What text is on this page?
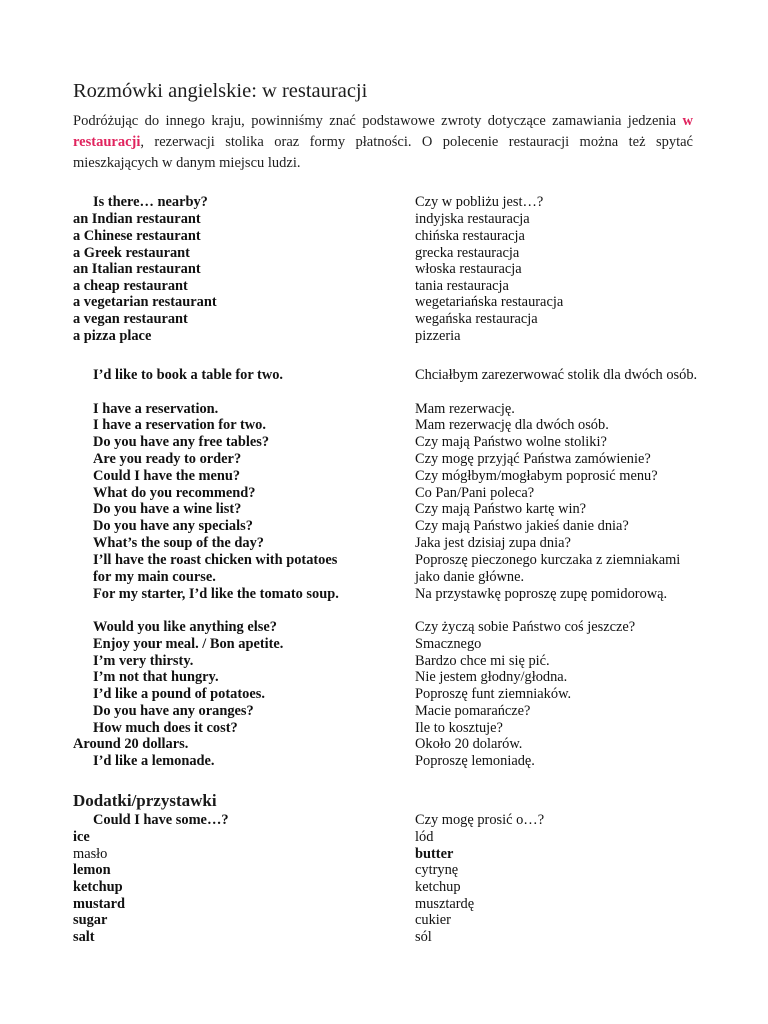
Rozmówki angielskie: w restauracji
Podróżując do innego kraju, powinniśmy znać podstawowe zwroty dotyczące zamawiania jedzenia w restauracji, rezerwacji stolika oraz formy płatności. O polecenie restauracji można też spytać mieszkających w danym miejscu ludzi.
Is there… nearby?	Czy w pobliżu jest…?
an Indian restaurant	indyjska restauracja
a Chinese restaurant	chińska restauracja
a Greek restaurant	grecka restauracja
an Italian restaurant	włoska restauracja
a cheap restaurant	tania restauracja
a vegetarian restaurant	wegetariańska restauracja
a vegan restaurant	wegańska restauracja
a pizza place	pizzeria
I’d like to book a table for two.	Chciałbym zarezerwować stolik dla dwóch osób.
I have a reservation.	Mam rezerwację.
I have a reservation for two.	Mam rezerwację dla dwóch osób.
Do you have any free tables?	Czy mają Państwo wolne stoliki?
Are you ready to order?	Czy mogę przyjąć Państwa zamówienie?
Could I have the menu?	Czy mógłbym/mogłabym poprosić menu?
What do you recommend?	Co Pan/Pani poleca?
Do you have a wine list?	Czy mają Państwo kartę win?
Do you have any specials?	Czy mają Państwo jakieś danie dnia?
What’s the soup of the day?	Jaka jest dzisiaj zupa dnia?
I’ll have the roast chicken with potatoes for my main course.
Poproszę pieczonego kurczaka z ziemniakami jako danie główne.
For my starter, I’d like the tomato soup.	Na przystawkę poproszę zupę pomidorową.
Would you like anything else?	Czy życzą sobie Państwo coś jeszcze?
Enjoy your meal. / Bon apetite.	Smacznego
I’m very thirsty.	Bardzo chce mi się pić.
I’m not that hungry.	Nie jestem głodny/głodna.
I’d like a pound of potatoes.	Poproszę funt ziemniaków.
Do you have any oranges?	Macie pomarańcze?
How much does it cost?	Ile to kosztuje?
Around 20 dollars.	Około 20 dolarów.
I’d like a lemonade.	Poproszę lemoniadę.
Dodatki/przystawki
Could I have some…?	Czy mogę prosić o…?
ice	lód
masło	butter
lemon	cytrynę
ketchup	ketchup
mustard	musztardę
sugar	cukier
salt	sól
